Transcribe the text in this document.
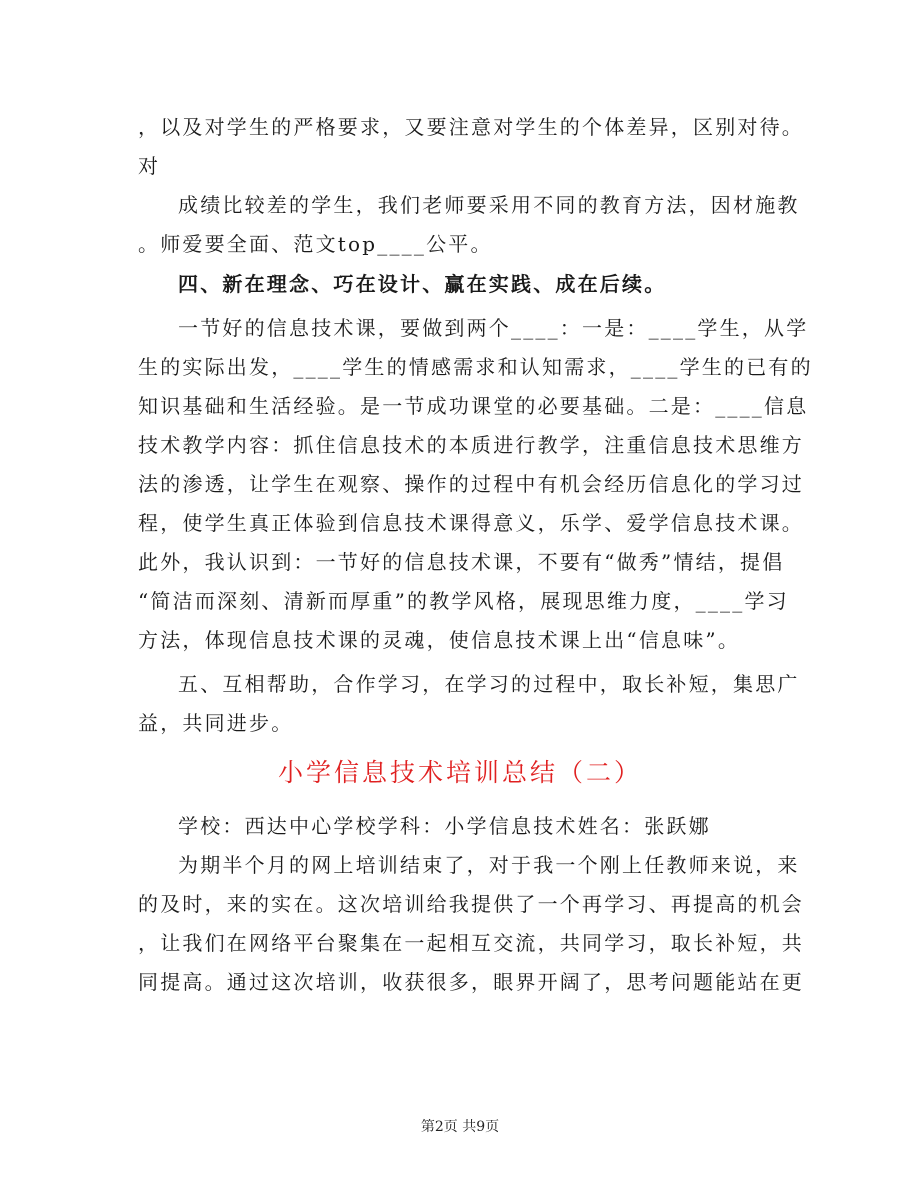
，以及对学生的严格要求，又要注意对学生的个体差异，区别对待。
对
成绩比较差的学生，我们老师要采用不同的教育方法，因材施教
。师爱要全面、范文top____公平。
四、新在理念、巧在设计、赢在实践、成在后续。
一节好的信息技术课，要做到两个____：一是：____学生，从学
生的实际出发，____学生的情感需求和认知需求，____学生的已有的
知识基础和生活经验。是一节成功课堂的必要基础。二是：____信息
技术教学内容：抓住信息技术的本质进行教学，注重信息技术思维方
法的渗透，让学生在观察、操作的过程中有机会经历信息化的学习过
程，使学生真正体验到信息技术课得意义，乐学、爱学信息技术课。
此外，我认识到：一节好的信息技术课，不要有“做秀”情结，提倡
“简洁而深刻、清新而厚重”的教学风格，展现思维力度，____学习
方法，体现信息技术课的灵魂，使信息技术课上出“信息味”。
五、互相帮助，合作学习，在学习的过程中，取长补短，集思广
益，共同进步。
小学信息技术培训总结（二）
学校：西达中心学校学科：小学信息技术姓名：张跃娜
为期半个月的网上培训结束了，对于我一个刚上任教师来说，来
的及时，来的实在。这次培训给我提供了一个再学习、再提高的机会
，让我们在网络平台聚集在一起相互交流，共同学习，取长补短，共
同提高。通过这次培训，收获很多，眼界开阔了，思考问题能站在更
第2页 共9页
